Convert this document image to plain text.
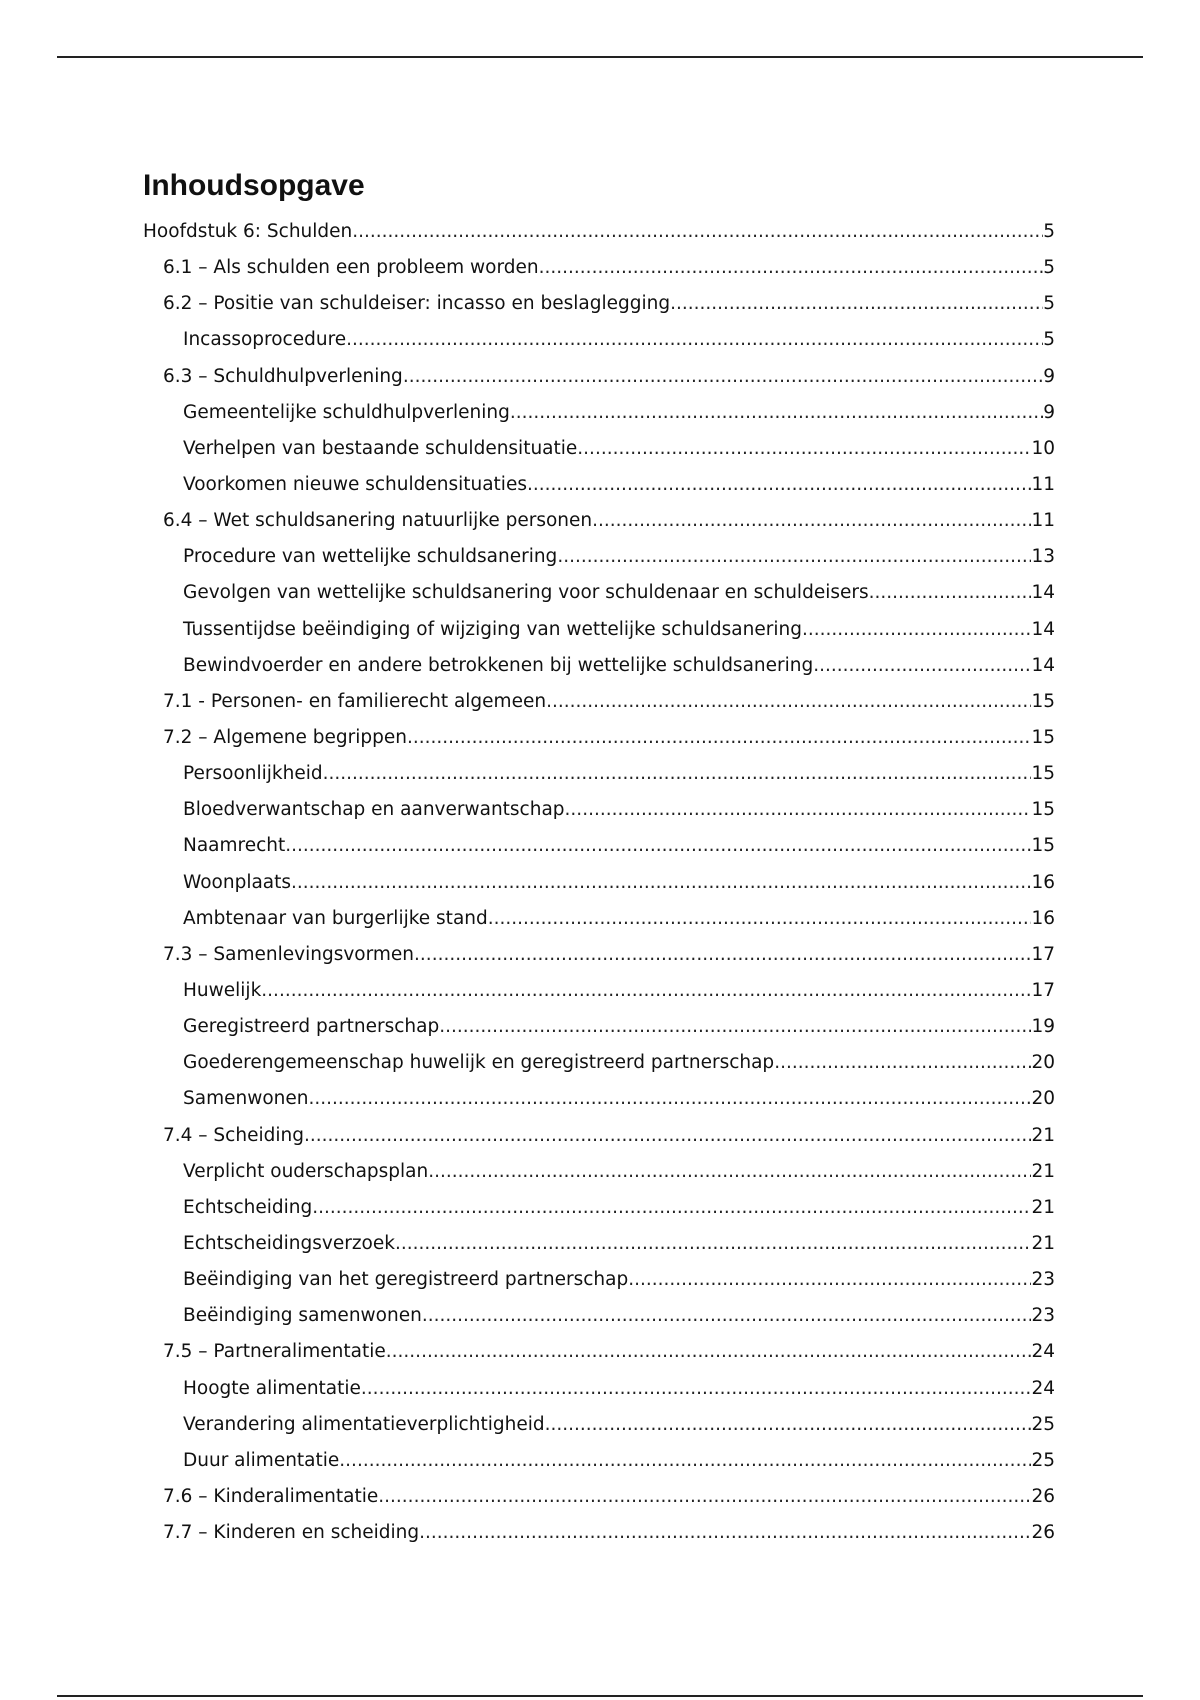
Inhoudsopgave
Hoofdstuk 6: Schulden .....	5
6.1 – Als schulden een probleem worden .....	5
6.2 – Positie van schuldeiser: incasso en beslaglegging .....	5
Incassoprocedure .....	5
6.3 – Schuldhulpverlening .....	9
Gemeentelijke schuldhulpverlening .....	9
Verhelpen van bestaande schuldensituatie .....	10
Voorkomen nieuwe schuldensituaties .....	11
6.4 – Wet schuldsanering natuurlijke personen .....	11
Procedure van wettelijke schuldsanering .....	13
Gevolgen van wettelijke schuldsanering voor schuldenaar en schuldeisers .....	14
Tussentijdse beëindiging of wijziging van wettelijke schuldsanering .....	14
Bewindvoerder en andere betrokkenen bij wettelijke schuldsanering .....	14
7.1 - Personen- en familierecht algemeen .....	15
7.2 – Algemene begrippen .....	15
Persoonlijkheid .....	15
Bloedverwantschap en aanverwantschap .....	15
Naamrecht .....	15
Woonplaats .....	16
Ambtenaar van burgerlijke stand .....	16
7.3 – Samenlevingsvormen .....	17
Huwelijk .....	17
Geregistreerd partnerschap .....	19
Goederengemeenschap huwelijk en geregistreerd partnerschap .....	20
Samenwonen .....	20
7.4 – Scheiding .....	21
Verplicht ouderschapsplan .....	21
Echtscheiding .....	21
Echtscheidingsverzoek .....	21
Beëindiging van het geregistreerd partnerschap .....	23
Beëindiging samenwonen .....	23
7.5 – Partneralimentatie .....	24
Hoogte alimentatie .....	24
Verandering alimentatieverplichtigheid .....	25
Duur alimentatie .....	25
7.6 – Kinderalimentatie .....	26
7.7 – Kinderen en scheiding .....	26
